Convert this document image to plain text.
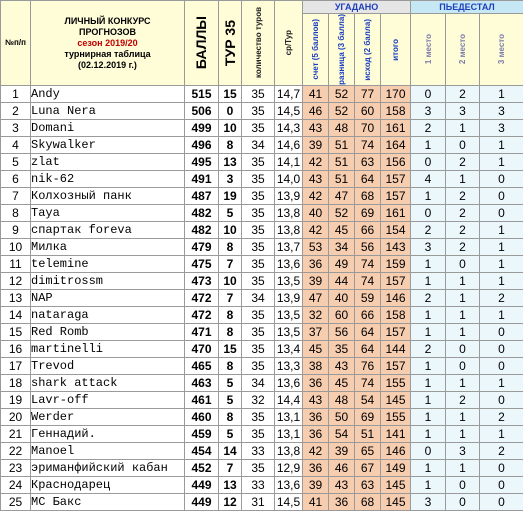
№п/п	ЛИЧНЫЙ КОНКУРС
ПРОГНОЗОВ
сезон 2019/20
турнирная таблица
(02.12.2019 г.)	БАЛЛЫ	ТУР 35	количество туров	ср/Тур	УГАДАНО				ПЬЕДЕСТАЛ		

						счет (5 баллов)	разница (3 балла)	исход (2 балла)	итого	1 место	2 место	3 место

1	Andy	515	15	35	14,7	41	52	77	170	0	2	1
2	Luna Nera	506	0	35	14,5	46	52	60	158	3	3	3
3	Domani	499	10	35	14,3	43	48	70	161	2	1	3
4	Skywalker	496	8	34	14,6	39	51	74	164	1	0	1
5	zlat	495	13	35	14,1	42	51	63	156	0	2	1
6	nik-62	491	3	35	14,0	43	51	64	157	4	1	0
7	Колхозный панк	487	19	35	13,9	42	47	68	157	1	2	0
8	Taya	482	5	35	13,8	40	52	69	161	0	2	0
9	спартак foreva	482	10	35	13,8	42	45	66	154	2	2	1
10	Милка	479	8	35	13,7	53	34	56	143	3	2	1
11	telemine	475	7	35	13,6	36	49	74	159	1	0	1
12	dimitrossm	473	10	35	13,5	39	44	74	157	1	1	1
13	NAP	472	7	34	13,9	47	40	59	146	2	1	2
14	nataraga	472	8	35	13,5	32	60	66	158	1	1	1
15	Red Romb	471	8	35	13,5	37	56	64	157	1	1	0
16	martinelli	470	15	35	13,4	45	35	64	144	2	0	0
17	Trevod	465	8	35	13,3	38	43	76	157	1	0	0
18	shark attack	463	5	34	13,6	36	45	74	155	1	1	1
19	Lavr-off	461	5	32	14,4	43	48	54	145	1	2	0
20	Werder	460	8	35	13,1	36	50	69	155	1	1	2
21	Геннадий.	459	5	35	13,1	36	54	51	141	1	1	1
22	Manoel	454	14	33	13,8	42	39	65	146	0	3	2
23	эриманфийский кабан	452	7	35	12,9	36	46	67	149	1	1	0
24	Краснодарец	449	13	33	13,6	39	43	63	145	1	0	0
25	МС Бакс	449	12	31	14,5	41	36	68	145	3	0	0
